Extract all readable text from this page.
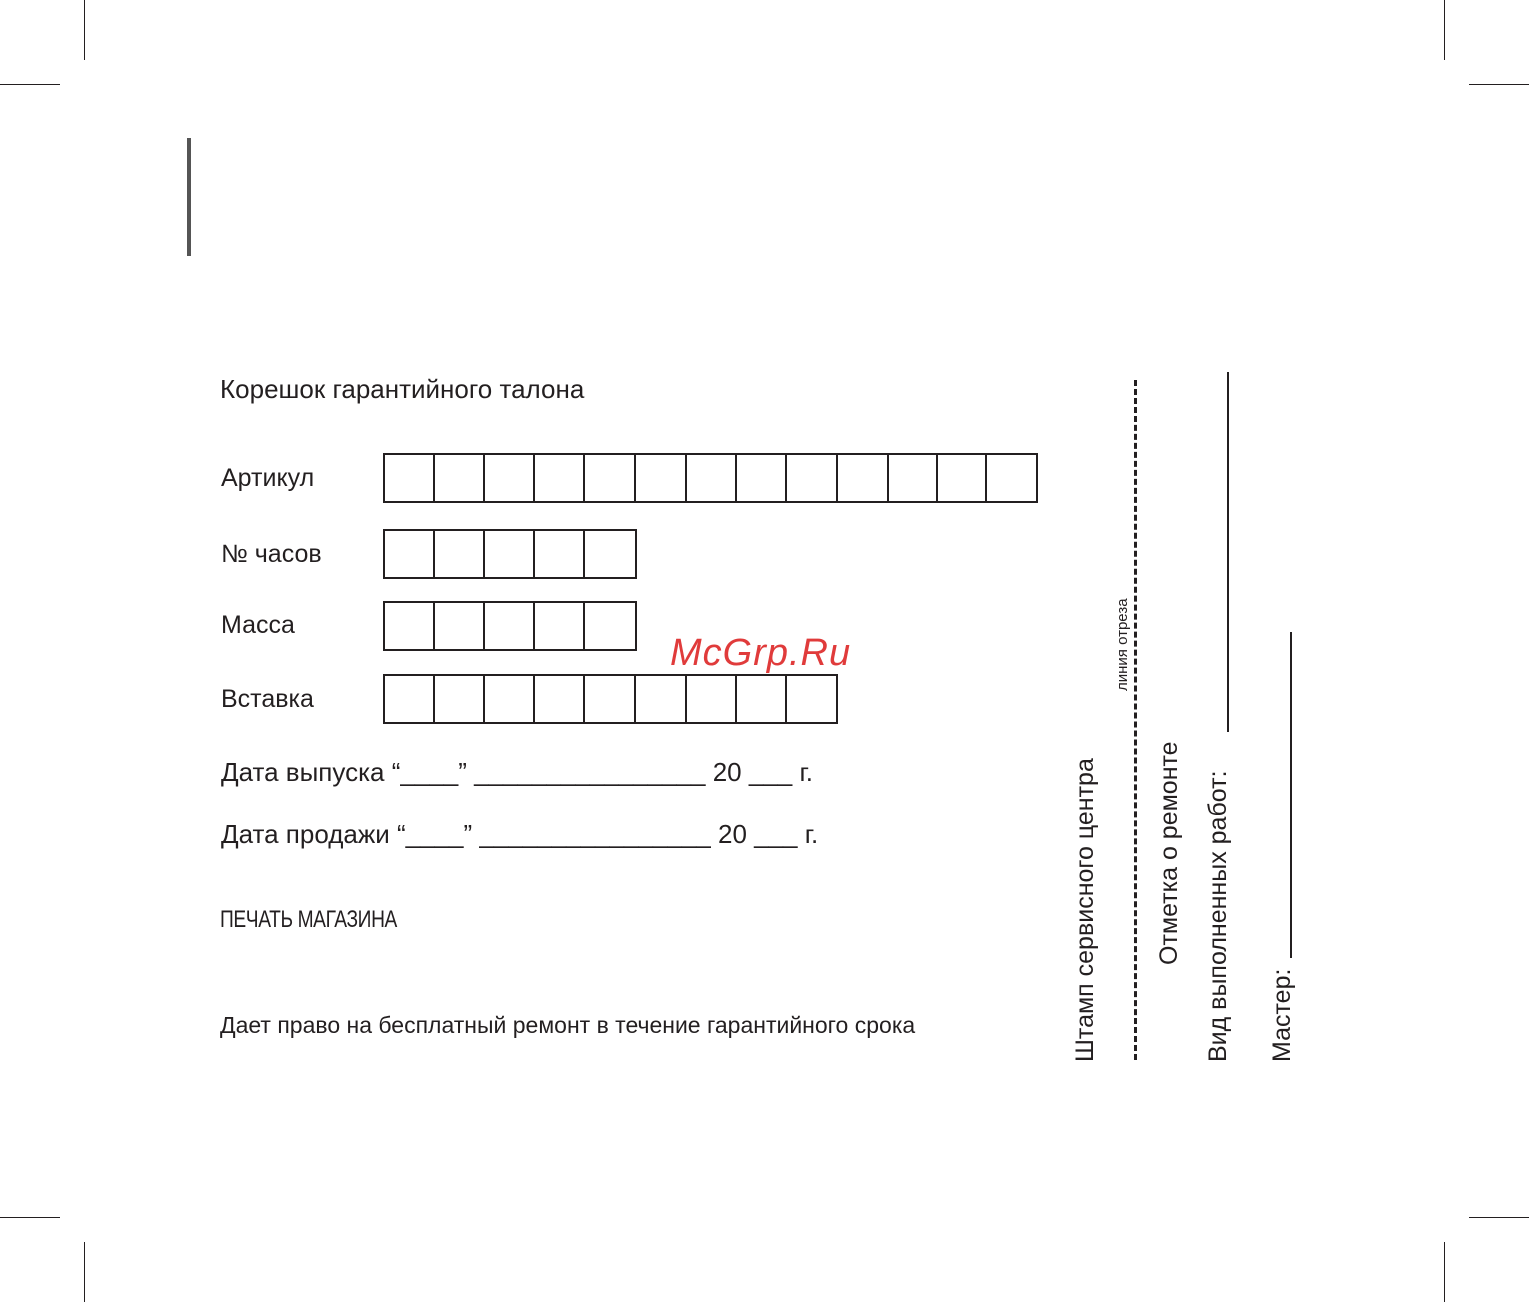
Корешок гарантийного талона
Артикул
№ часов
Масса
Вставка
Дата выпуска “____” ________________ 20 ___ г.
Дата продажи “____” ________________ 20 ___ г.
ПЕЧАТЬ МАГАЗИНА
Дает право на бесплатный ремонт в течение гарантийного срока
McGrp.Ru
Штамп сервисного центра
линия отреза
Отметка о ремонте Вид выполненных работ: Мастер:
